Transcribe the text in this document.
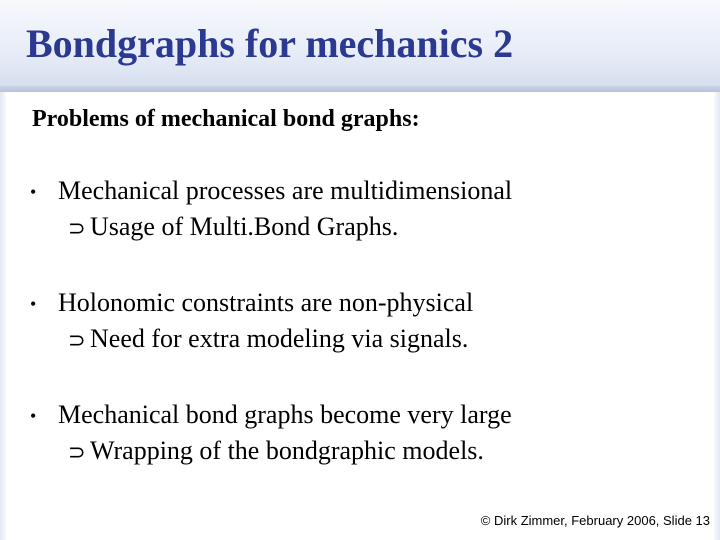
Bondgraphs for mechanics 2
Problems of mechanical bond graphs:
• Mechanical processes are multidimensional
⊃ Usage of Multi.Bond Graphs.
• Holonomic constraints are non-physical
⊃ Need for extra modeling via signals.
• Mechanical bond graphs become very large
⊃ Wrapping of the bondgraphic models.
© Dirk Zimmer, February 2006, Slide 13
